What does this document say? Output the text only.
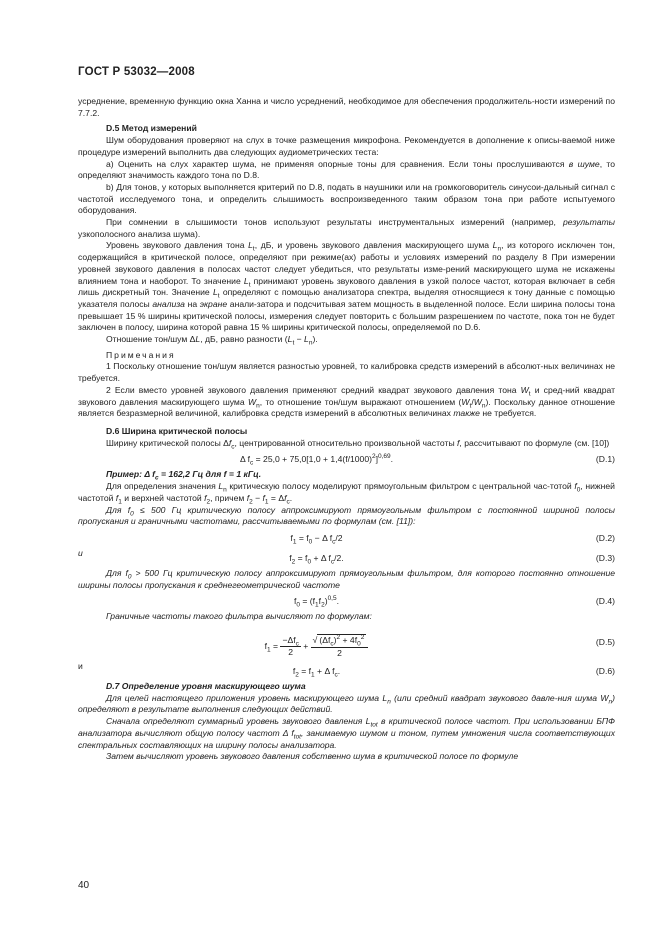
ГОСТ Р 53032—2008

усреднение, временную функцию окна Ханна и число усреднений, необходимое для обеспечения продолжитель-ности измерений по 7.7.2.

D.5 Метод измерений

Шум оборудования проверяют на слух в точке размещения микрофона. Рекомендуется в дополнение к описы-ваемой ниже процедуре измерений выполнить два следующих аудиометрических теста:

a) Оценить на слух характер шума, не применяя опорные тоны для сравнения. Если тоны прослушиваются в шуме, то определяют значимость каждого тона по D.8.

b) Для тонов, у которых выполняется критерий по D.8, подать в наушники или на громкоговоритель синусои-дальный сигнал с частотой исследуемого тона, и определить слышимость воспроизведенного таким образом тона при работе испытуемого оборудования.

При сомнении в слышимости тонов используют результаты инструментальных измерений (например, результаты узкополосного анализа шума).

Уровень звукового давления тона $L_t$, дБ, и уровень звукового давления маскирующего шума $L_n$, из которого исключен тон, содержащийся в критической полосе, определяют при режиме(ах) работы и условиях измерений по разделу 8 При измерении уровней звукового давления в полосах частот следует убедиться, что результаты изме-рений маскирующего шума не искажены влиянием тона и наоборот. То значение $L_t$ принимают уровень звукового давления в узкой полосе частот, которая включает в себя лишь дискретный тон. Значение $L_t$ определяют с помощью анализатора спектра, выделяя относящиеся к тону данные с помощью указателя полосы анализа на экране анали-затора и подсчитывая затем мощность в выделенной полосе. Если ширина полосы тона превышает 15 % ширины критической полосы, измерения следует повторить с большим разрешением по частоте, пока тон не будет заключен в полосу, ширина которой равна 15 % ширины критической полосы, определяемой по D.6.

Отношение тон/шум ΔL, дБ, равно разности $(L_t - L_n)$.

Примечания

1 Поскольку отношение тон/шум является разностью уровней, то калибровка средств измерений в абсолют-ных величинах не требуется.

2 Если вместо уровней звукового давления применяют средний квадрат звукового давления тона $W_t$ и сред-ний квадрат звукового давления маскирующего шума $W_n$, то отношение тон/шум выражают отношением $(W_t/W_n)$. Поскольку данное отношение является безразмерной величиной, калибровка средств измерений в абсолютных величинах также не требуется.

D.6 Ширина критической полосы

Ширину критической полосы $\Delta f_c$, центрированной относительно произвольной частоты f, рассчитывают по формуле (см. [10])

Δ $f_c = 25,0 + 75,0[1,0 + 1,4(f/1000)^2]^{0,69}$.	(D.1)

Пример: Δ $f_c = 162,2$ Гц для f = 1 кГц.

Для определения значения $L_n$ критическую полосу моделируют прямоугольным фильтром с центральной час-тотой $f_0$, нижней частотой $f_1$ и верхней частотой $f_2$, причем $f_2 - f_1 = \Delta f_c$.

Для $f_0 \le 500$ Гц критическую полосу аппроксимируют прямоугольным фильтром с постоянной шириной полосы пропускания и граничными частотами, рассчитываемыми по формулам (см. [11]):

$f_1 = f_0 - \Delta$ $f_c/2$	(D.2)
и	$f_2 = f_0 + \Delta$ $f_c/2$.	(D.3)

Для $f_0 > 500$ Гц критическую полосу аппроксимируют прямоугольным фильтром, для которого постоянно отношение ширины полосы пропускания к среднегеометрической частоте

$f_0 = (f_1f_2)^{0,5}$.	(D.4)

Граничные частоты такого фильтра вычисляют по формулам:

$f_1 = \frac{-\Delta f_c}{2} + \frac{√ (\Delta f_c)^2 + 4f_0^2}{2}$	(D.5)
и	$f_2 = f_1 + \Delta$ $f_c$.	(D.6)

D.7 Определение уровня маскирующего шума

Для целей настоящего приложения уровень маскирующего шума $L_n$ (или средний квадрат звукового давле-ния шума $W_n$) определяют в результате выполнения следующих действий.

Сначала определяют суммарный уровень звукового давления $L_{tot}$ в критической полосе частот. При использовании БПФ анализатора вычисляют общую полосу частот Δ $f_{tot}$, занимаемую шумом и тоном, путем умножения числа соответствующих спектральных составляющих на ширину полосы анализатора.

Затем вычисляют уровень звукового давления собственно шума в критической полосе по формуле

40
